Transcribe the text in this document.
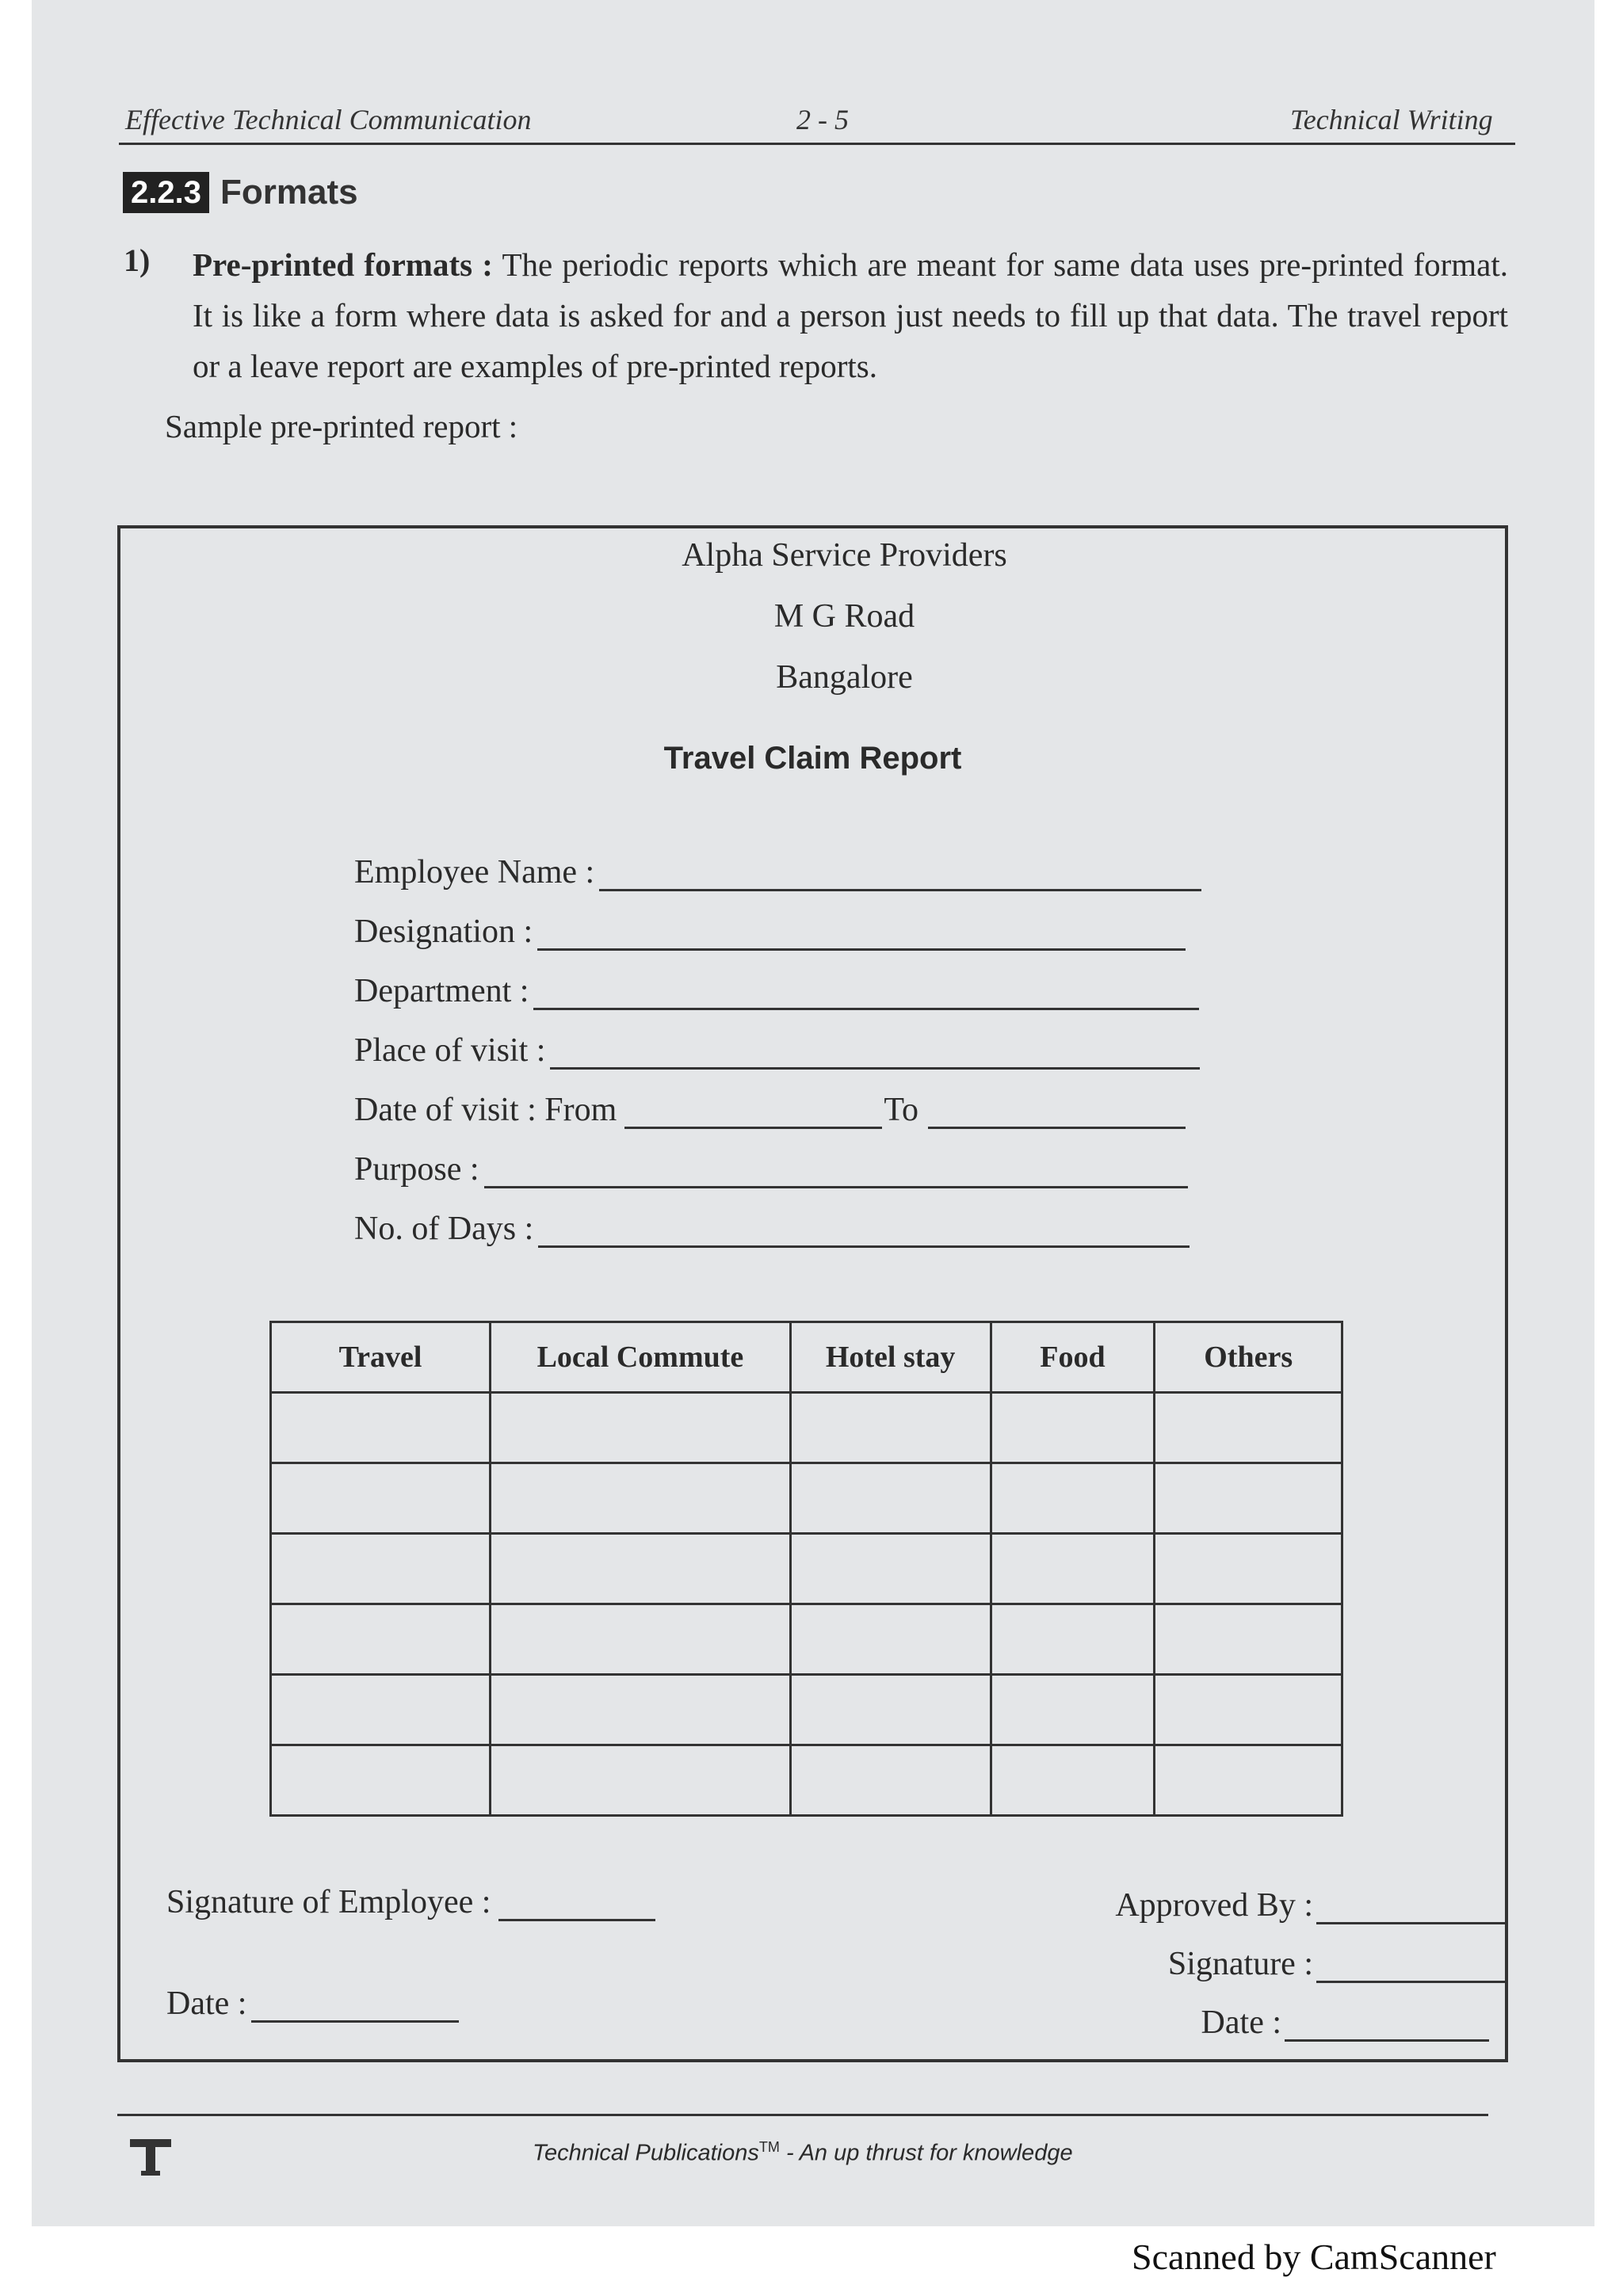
Effective Technical Communication	2 - 5	Technical Writing
2.2.3 Formats
1) Pre-printed formats : The periodic reports which are meant for same data uses pre-printed format. It is like a form where data is asked for and a person just needs to fill up that data. The travel report or a leave report are examples of pre-printed reports.
Sample pre-printed report :
Alpha Service Providers
M G Road
Bangalore
Travel Claim Report
Employee Name :
Designation :
Department :
Place of visit :
Date of visit : From	To
Purpose :
No. of Days :
Travel	Local Commute	Hotel stay	Food	Others

Signature of Employee :
Date :
Approved By :
Signature :
Date :
Technical Publications™ - An up thrust for knowledge
Scanned by CamScanner
